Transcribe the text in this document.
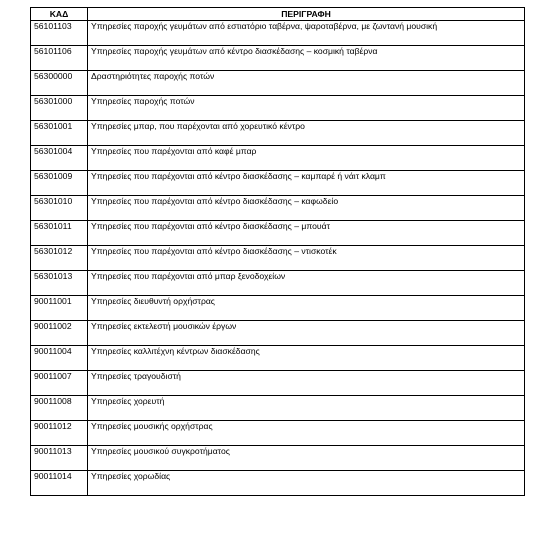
ΚΑΔ	ΠΕΡΙΓΡΑΦΗ
56101103	Υπηρεσίες παροχής γευμάτων από εστιατόριο ταβέρνα, ψαροταβέρνα, με ζωντανή μουσική
56101106	Υπηρεσίες παροχής γευμάτων από κέντρο διασκέδασης – κοσμική ταβέρνα
56300000	Δραστηριότητες παροχής ποτών
56301000	Υπηρεσίες παροχής ποτών
56301001	Υπηρεσίες μπαρ, που παρέχονται από χορευτικό κέντρο
56301004	Υπηρεσίες που παρέχονται από καφέ μπαρ
56301009	Υπηρεσίες που παρέχονται από κέντρο διασκέδασης – καμπαρέ ή νάιτ κλαμπ
56301010	Υπηρεσίες που παρέχονται από κέντρο διασκέδασης – καφωδείο
56301011	Υπηρεσίες που παρέχονται από κέντρο διασκέδασης – μπουάτ
56301012	Υπηρεσίες που παρέχονται από κέντρο διασκέδασης – ντισκοτέκ
56301013	Υπηρεσίες που παρέχονται από μπαρ ξενοδοχείων
90011001	Υπηρεσίες διευθυντή ορχήστρας
90011002	Υπηρεσίες εκτελεστή μουσικών έργων
90011004	Υπηρεσίες καλλιτέχνη κέντρων διασκέδασης
90011007	Υπηρεσίες τραγουδιστή
90011008	Υπηρεσίες χορευτή
90011012	Υπηρεσίες μουσικής ορχήστρας
90011013	Υπηρεσίες μουσικού συγκροτήματος
90011014	Υπηρεσίες χορωδίας
